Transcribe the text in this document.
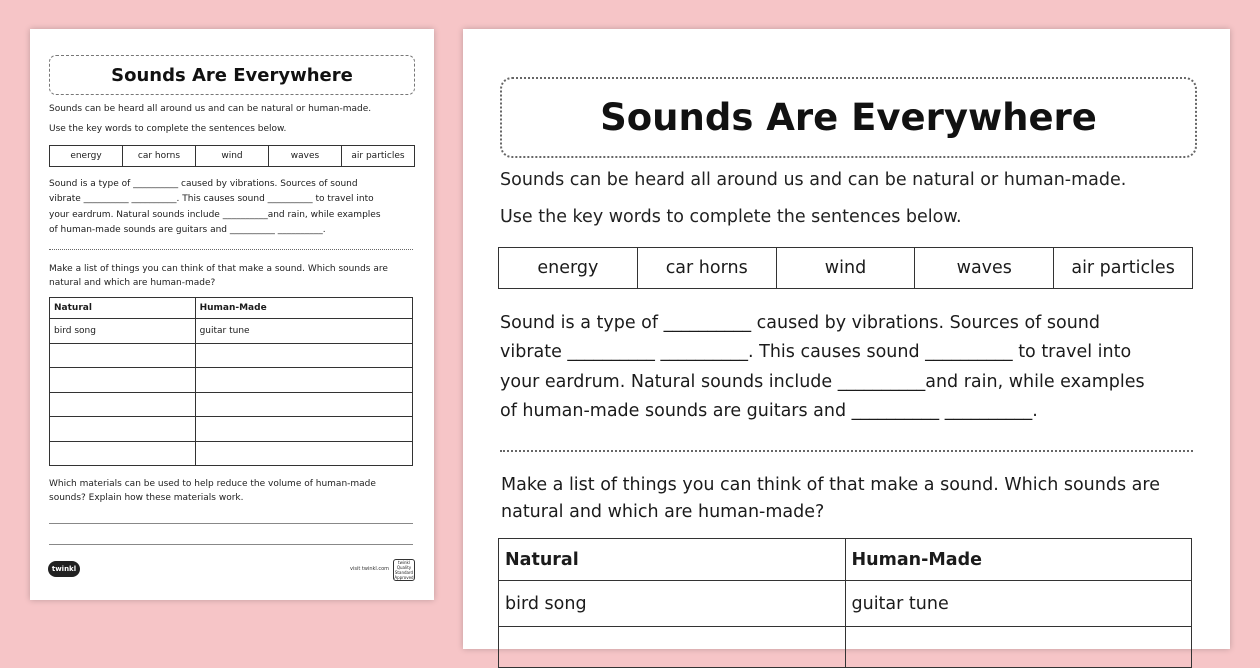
Sounds Are Everywhere
Sounds can be heard all around us and can be natural or human-made.
Use the key words to complete the sentences below.
energy	car horns	wind	waves	air particles
Sound is a type of __________ caused by vibrations. Sources of sound
vibrate __________ __________. This causes sound __________ to travel into
your eardrum. Natural sounds include __________and rain, while examples
of human-made sounds are guitars and __________ __________.
Make a list of things you can think of that make a sound. Which sounds are natural and which are human-made?
Natural	Human-Made
bird song	guitar tune

Which materials can be used to help reduce the volume of human-made sounds? Explain how these materials work.
twinkl	visit twinkl.com
twinkl Quality Standard Approved
Sounds Are Everywhere
Sounds can be heard all around us and can be natural or human-made.
Use the key words to complete the sentences below.
energy	car horns	wind	waves	air particles
Sound is a type of __________ caused by vibrations. Sources of sound
vibrate __________ __________. This causes sound __________ to travel into
your eardrum. Natural sounds include __________and rain, while examples
of human-made sounds are guitars and __________ __________.
Make a list of things you can think of that make a sound. Which sounds are natural and which are human-made?
Natural	Human-Made
bird song	guitar tune
